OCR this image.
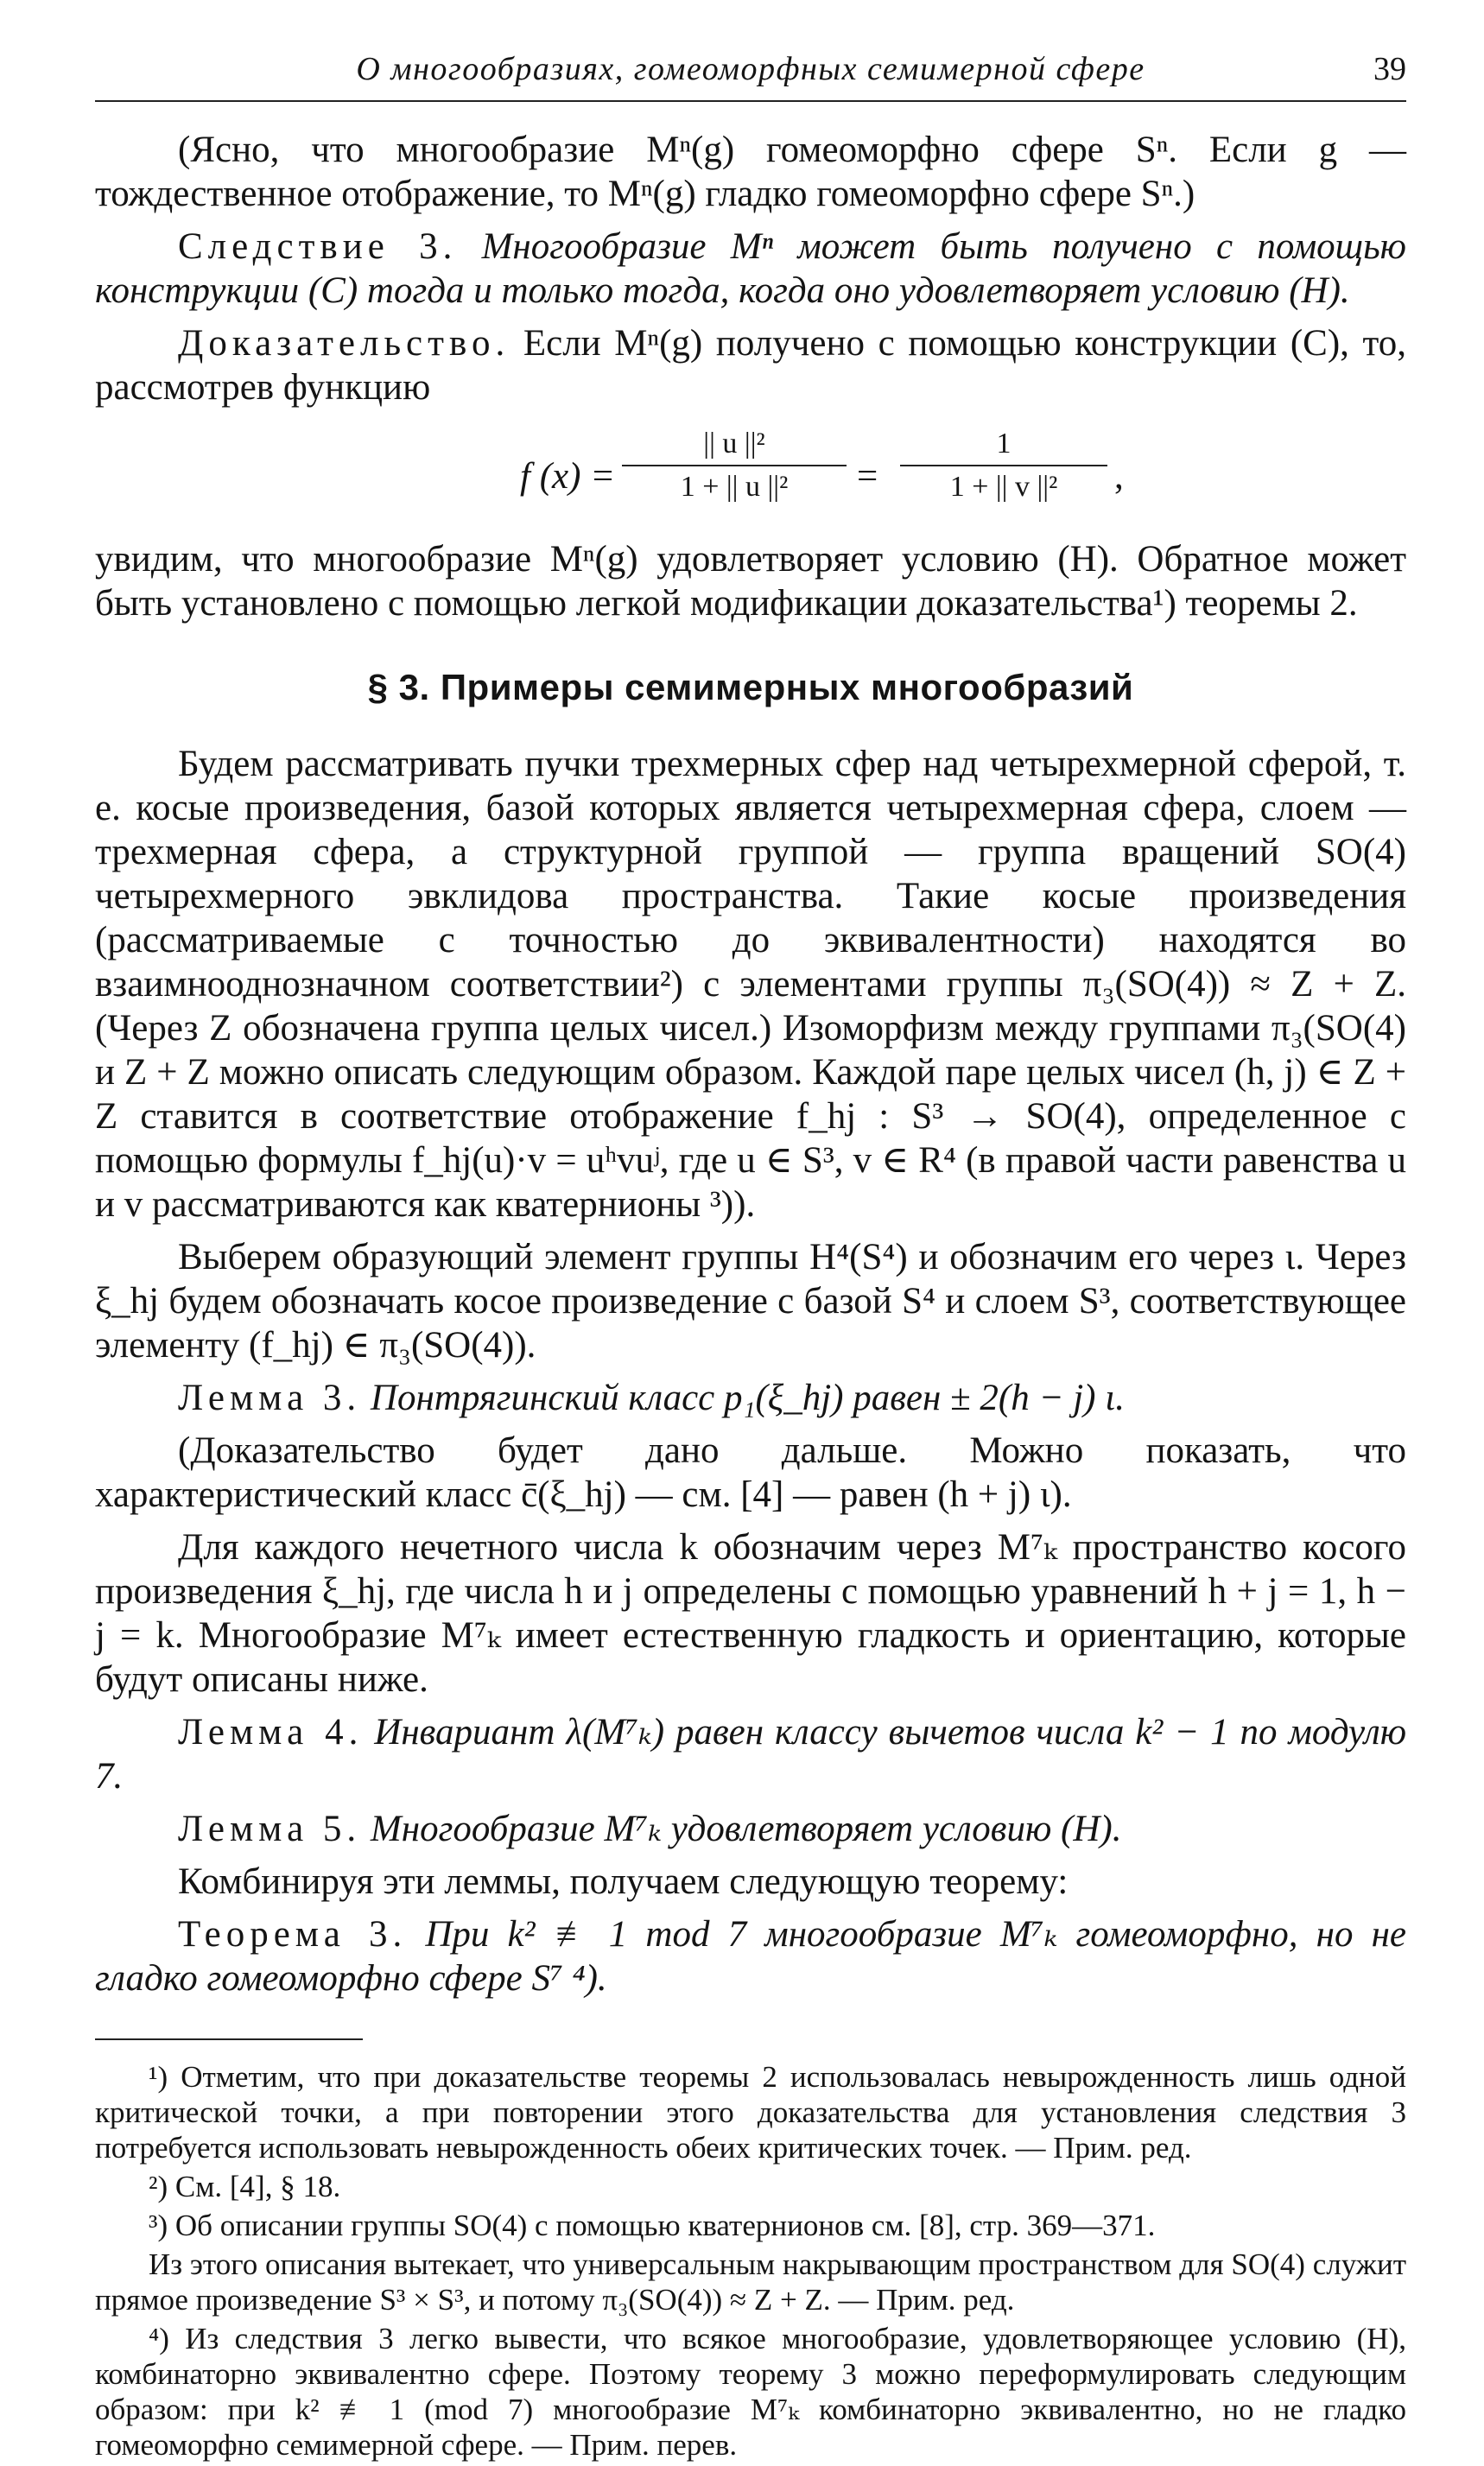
О многообразиях, гомеоморфных семимерной сфере	39

(Ясно, что многообразие Mⁿ(g) гомеоморфно сфере Sⁿ. Если g — тождественное отображение, то Mⁿ(g) гладко гомеоморфно сфере Sⁿ.)

Следствие 3. Многообразие Mⁿ может быть получено с помощью конструкции (С) тогда и только тогда, когда оно удовлетворяет условию (Н).

Доказательство. Если Mⁿ(g) получено с помощью конструкции (С), то, рассмотрев функцию

f $(x) = \frac{\text{|| u ||²}}{\text{1 + || u ||²}} = \frac{1}{\text{1 + || v ||²}}$ ,

увидим, что многообразие Mⁿ(g) удовлетворяет условию (Н). Обратное может быть установлено с помощью легкой модификации доказательства¹) теоремы 2.

§ 3. Примеры семимерных многообразий

Будем рассматривать пучки трехмерных сфер над четырехмерной сферой, т. е. косые произведения, базой которых является четырехмерная сфера, слоем — трехмерная сфера, а структурной группой — группа вращений SO(4) четырехмерного эвклидова пространства. Такие косые произведения (рассматриваемые с точностью до эквивалентности) находятся во взаимнооднозначном соответствии²) с элементами группы π₃(SO(4)) ≈ Z + Z. (Через Z обозначена группа целых чисел.) Изоморфизм между группами π₃(SO(4) и Z + Z можно описать следующим образом. Каждой паре целых чисел (h, j) ∈ Z + Z ставится в соответствие отображение f_hj : S³ → SO(4), определенное с помощью формулы f_hj(u)·v = uʰvuʲ, где u ∈ S³, v ∈ R⁴ (в правой части равенства u и v рассматриваются как кватернионы ³)).

Выберем образующий элемент группы H⁴(S⁴) и обозначим его через ι. Через ξ_hj будем обозначать косое произведение с базой S⁴ и слоем S³, соответствующее элементу (f_hj) ∈ π₃(SO(4)).

Лемма 3. Понтрягинский класс p₁(ξ_hj) равен ± 2(h − j) ι.

(Доказательство будет дано дальше. Можно показать, что характеристический класс c̄(ξ_hj) — см. [4] — равен (h + j) ι).

Для каждого нечетного числа k обозначим через M⁷ₖ пространство косого произведения ξ_hj, где числа h и j определены с помощью уравнений h + j = 1, h − j = k. Многообразие M⁷ₖ имеет естественную гладкость и ориентацию, которые будут описаны ниже.

Лемма 4. Инвариант λ(M⁷ₖ) равен классу вычетов числа k² − 1 по модулю 7.

Лемма 5. Многообразие M⁷ₖ удовлетворяет условию (Н).

Комбинируя эти леммы, получаем следующую теорему:

Теорема 3. При k² ≢ 1 mod 7 многообразие M⁷ₖ гомеоморфно, но не гладко гомеоморфно сфере S⁷ ⁴).

¹) Отметим, что при доказательстве теоремы 2 использовалась невырожденность лишь одной критической точки, а при повторении этого доказательства для установления следствия 3 потребуется использовать невырожденность обеих критических точек. — Прим. ред.

²) См. [4], § 18.

³) Об описании группы SO(4) с помощью кватернионов см. [8], стр. 369—371.

Из этого описания вытекает, что универсальным накрывающим пространством для SO(4) служит прямое произведение S³ × S³, и потому π₃(SO(4)) ≈ Z + Z. — Прим. ред.

⁴) Из следствия 3 легко вывести, что всякое многообразие, удовлетворяющее условию (Н), комбинаторно эквивалентно сфере. Поэтому теорему 3 можно переформулировать следующим образом: при k² ≢ 1 (mod 7) многообразие M⁷ₖ комбинаторно эквивалентно, но не гладко гомеоморфно семимерной сфере. — Прим. перев.
